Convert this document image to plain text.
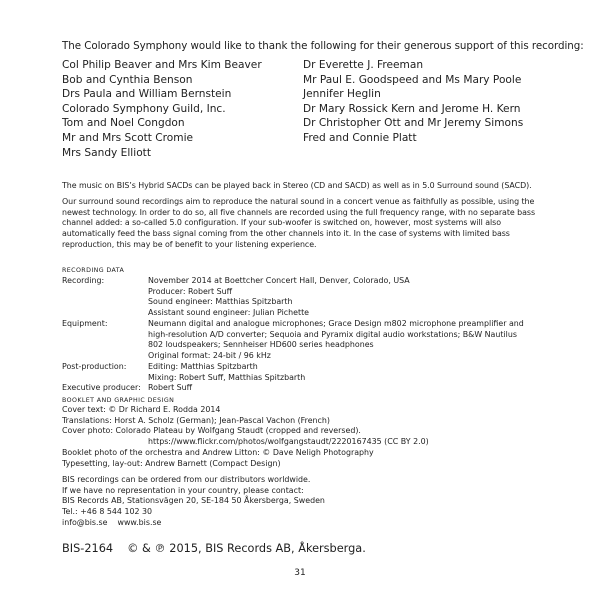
The Colorado Symphony would like to thank the following for their generous support of this recording:
Col Philip Beaver and Mrs Kim Beaver
Bob and Cynthia Benson
Drs Paula and William Bernstein
Colorado Symphony Guild, Inc.
Tom and Noel Congdon
Mr and Mrs Scott Cromie
Mrs Sandy Elliott
Dr Everette J. Freeman
Mr Paul E. Goodspeed and Ms Mary Poole
Jennifer Heglin
Dr Mary Rossick Kern and Jerome H. Kern
Dr Christopher Ott and Mr Jeremy Simons
Fred and Connie Platt
The music on BIS’s Hybrid SACDs can be played back in Stereo (CD and SACD) as well as in 5.0 Surround sound (SACD).
Our surround sound recordings aim to reproduce the natural sound in a concert venue as faithfully as possible, using the newest technology. In order to do so, all five channels are recorded using the full frequency range, with no separate bass channel added: a so-called 5.0 configuration. If your sub-woofer is switched on, however, most systems will also automatically feed the bass signal coming from the other channels into it. In the case of systems with limited bass reproduction, this may be of benefit to your listening experience.
RECORDING DATA
Recording:	November 2014 at Boettcher Concert Hall, Denver, Colorado, USA
Producer: Robert Suff
Sound engineer: Matthias Spitzbarth
Assistant sound engineer: Julian Pichette
Equipment:	Neumann digital and analogue microphones; Grace Design m802 microphone preamplifier and
high-resolution A/D converter; Sequoia and Pyramix digital audio workstations; B&W Nautilus
802 loudspeakers; Sennheiser HD600 series headphones
Original format: 24-bit / 96 kHz
Post-production:	Editing: Matthias Spitzbarth
Mixing: Robert Suff, Matthias Spitzbarth
Executive producer: Robert Suff
BOOKLET AND GRAPHIC DESIGN
Cover text: © Dr Richard E. Rodda 2014
Translations: Horst A. Scholz (German); Jean-Pascal Vachon (French)
Cover photo: Colorado Plateau by Wolfgang Staudt (cropped and reversed).
https://www.flickr.com/photos/wolfgangstaudt/2220167435 (CC BY 2.0)
Booklet photo of the orchestra and Andrew Litton: © Dave Neligh Photography
Typesetting, lay-out: Andrew Barnett (Compact Design)
BIS recordings can be ordered from our distributors worldwide.
If we have no representation in your country, please contact:
BIS Records AB, Stationsvägen 20, SE-184 50 Åkersberga, Sweden
Tel.: +46 8 544 102 30
info@bis.se www.bis.se
BIS-2164 © & ℗ 2015, BIS Records AB, Åkersberga.
31
